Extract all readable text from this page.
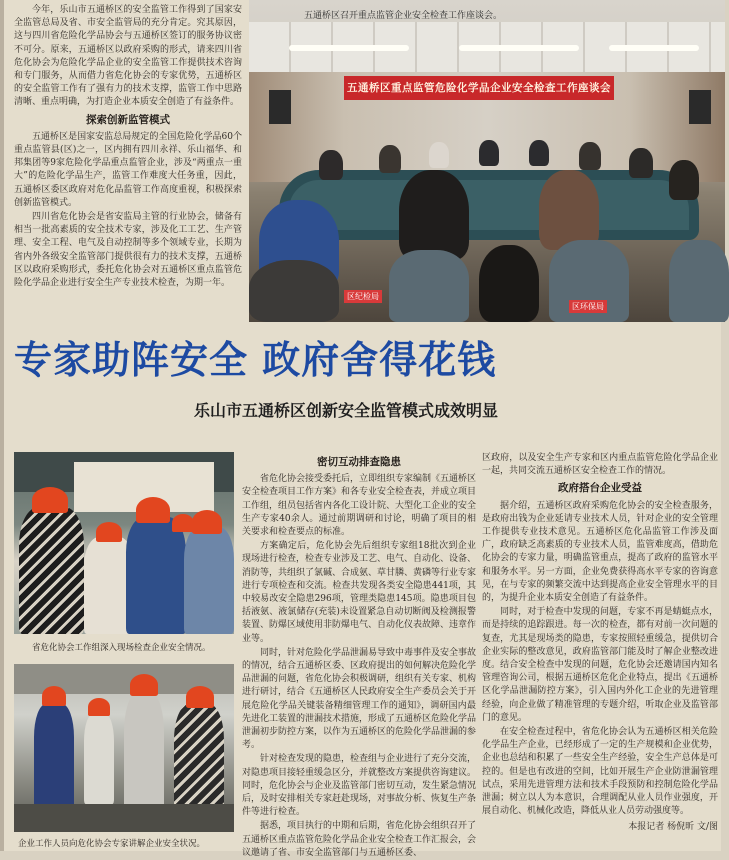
今年，乐山市五通桥区的安全监管工作得到了国家安全监管总局及省、市安全监管局的充分肯定。究其原因，这与四川省危险化学品协会与五通桥区签订的服务协议密不可分。原来，五通桥区以政府采购的形式，请来四川省危化协会为危险化学品企业的安全监管工作提供技术咨询和专门服务，从而借力省危化协会的专家优势，五通桥区的安全监管工作有了强有力的技术支撑，监管工作中思路清晰、重点明确，为打造企业本质安全创造了有益条件。

探索创新监管模式

五通桥区是国家安监总局规定的全国危险化学品60个重点监管县(区)之一，区内拥有四川永祥、乐山福华、和邦集团等9家危险化学品重点监管企业，涉及“两重点一重大”的危险化学品生产，监管工作难度大任务重，因此，五通桥区委区政府对危化品监管工作高度重视，积极探索创新监管模式。

四川省危化协会是省安监局主管的行业协会，储备有相当一批高素质的安全技术专家，涉及化工工艺、生产管理、安全工程、电气及自动控制等多个领域专业，长期为省内外各级安全监管部门提供很有力的技术支撑，五通桥区以政府采购形式，委托危化协会对五通桥区重点监管危险化学品企业进行安全生产专业技术检查，为期一年。

五通桥区重点监管危险化学品企业安全检查工作座谈会
区纪检局
区环保局
五通桥区召开重点监管企业安全检查工作座谈会。
专家助阵安全 政府舍得花钱
乐山市五通桥区创新安全监管模式成效明显
省危化协会工作组深入现场检查企业安全情况。
企业工作人员向危化协会专家讲解企业安全状况。
密切互动排查隐患

省危化协会接受委托后，立即组织专家编制《五通桥区安全检查项目工作方案》和各专业安全检查表，并成立项目工作组，组员包括省内各化工设计院、大型化工企业的安全生产专家40余人。通过前期调研和讨论，明确了项目的相关要求和检查要点的标准。

方案确定后，危化协会先后组织专家组18批次到企业现场进行检查，检查专业涉及工艺、电气、自动化、设备、消防等，共组织了氯碱、合成氨、草甘膦、黄磷等行业专家进行专项检查和交流。检查共发现各类安全隐患441项，其中较易改安全隐患296项，管理类隐患145项。隐患项目包括液氨、液氯储存(充装)未设置紧急自动切断阀及检测报警装置、防爆区域使用非防爆电气、自动化仪表故障、违章作业等。

同时，针对危险化学品泄漏易导致中毒事件及安全事故的情况，结合五通桥区委、区政府提出的如何解决危险化学品泄漏的问题，省危化协会积极调研，组织有关专家、机构进行研讨，结合《五通桥区人民政府安全生产委员会关于开展危险化学品关键装备精细管理工作的通知》，调研国内最先进化工装置的泄漏技术措施，形成了五通桥区危险化学品泄漏初步防控方案，以作为五通桥区的危险化学品泄漏的参考。

针对检查发现的隐患，检查组与企业进行了充分交流，对隐患项目接轻重缓急区分，并就整改方案提供咨询建议。同时，危化协会与企业及监管部门密切互动，发生紧急情况后，及时安排相关专家赶赴现场，对事故分析、恢复生产条件等进行检查。

据悉，项目执行的中期和后期，省危化协会组织召开了五通桥区重点监管危险化学品企业安全检查工作汇报会，会议邀请了省、市安全监管部门与五通桥区委、

区政府，以及安全生产专家和区内重点监管危险化学品企业一起，共同交流五通桥区安全检查工作的情况。

政府搭台企业受益

据介绍，五通桥区政府采购危化协会的安全检查服务，是政府出钱为企业延请专业技术人员，针对企业的安全管理工作提供专业技术意见。五通桥区危化品监管工作涉及面广，政府缺乏高素质的专业技术人员，监管难度高，借助危化协会的专家力量，明确监管重点，提高了政府的监管水平和服务水平。另一方面，企业免费获得高水平专家的咨询意见，在与专家的频繁交流中达到提高企业安全管理水平的目的，为提升企业本质安全创造了有益条件。

同时，对于检查中发现的问题，专家不再是蜻蜓点水，而是持续的追踪跟进。每一次的检查，都有对前一次问题的复查，尤其是现场类的隐患，专家按照轻重缓急，提供切合企业实际的整改意见，政府监管部门能及时了解企业整改进度。结合安全检查中发现的问题，危化协会还邀请国内知名管理咨询公司，根据五通桥区危化企业特点，提出《五通桥区化学品泄漏防控方案》，引入国内外化工企业的先进管理经验，向企业做了精准管理的专题介绍，听取企业及监管部门的意见。

在安全检查过程中，省危化协会认为五通桥区相关危险化学品生产企业，已经形成了一定的生产规模和企业优势，企业也总结和积累了一些安全生产经验，安全生产总体是可控的。但是也有改进的空间，比如开展生产企业防泄漏管理试点，采用先进管理方法和技术手段预防和控制危险化学品泄漏；树立以人为本意识，合理调配从业人员作业强度，开展自动化、机械化改造，降低从业人员劳动强度等。

本报记者 杨倪昕 文/图
